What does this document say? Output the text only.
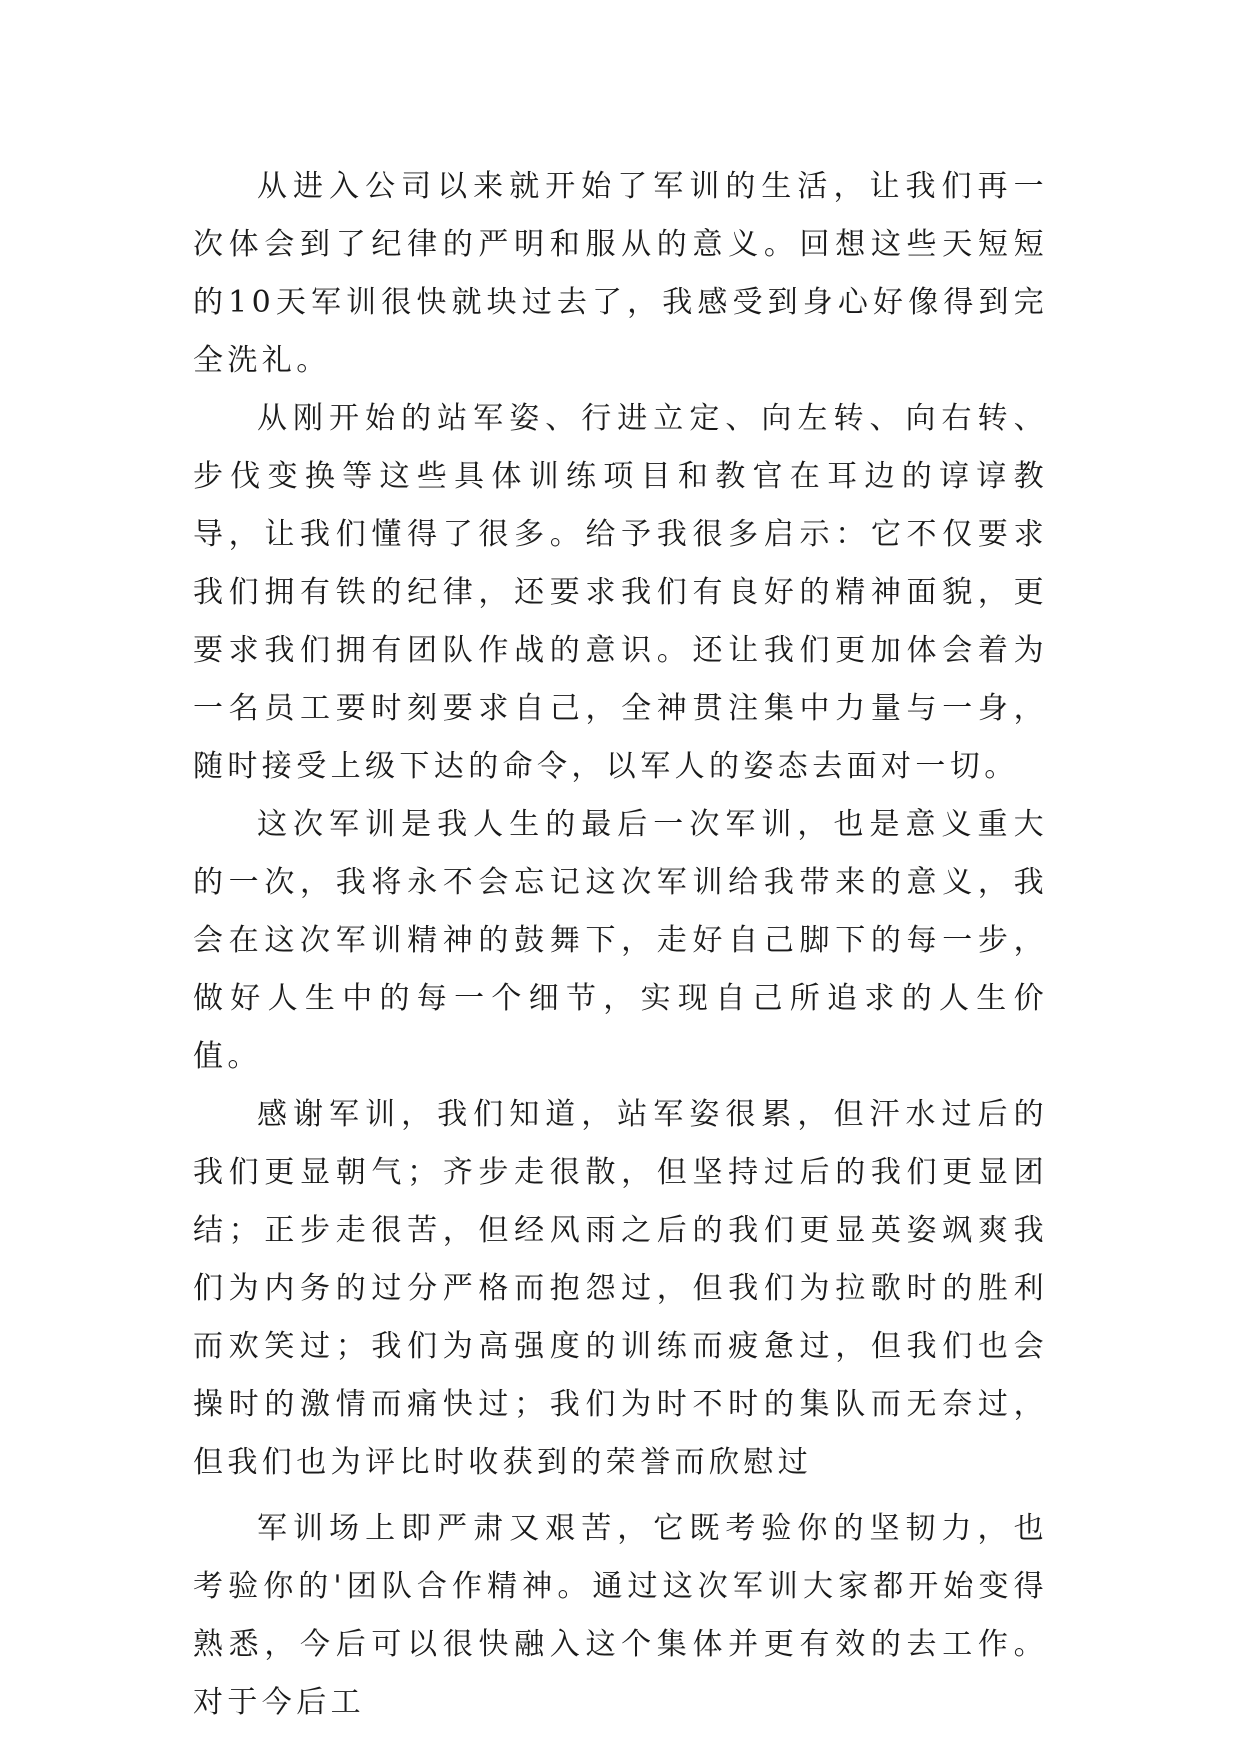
从进入公司以来就开始了军训的生活，让我们再一次体会到了纪律的严明和服从的意义。回想这些天短短的10天军训很快就块过去了，我感受到身心好像得到完全洗礼。

从刚开始的站军姿、行进立定、向左转、向右转、步伐变换等这些具体训练项目和教官在耳边的谆谆教导，让我们懂得了很多。给予我很多启示：它不仅要求我们拥有铁的纪律，还要求我们有良好的精神面貌，更要求我们拥有团队作战的意识。还让我们更加体会着为一名员工要时刻要求自己，全神贯注集中力量与一身，随时接受上级下达的命令，以军人的姿态去面对一切。

这次军训是我人生的最后一次军训，也是意义重大的一次，我将永不会忘记这次军训给我带来的意义，我会在这次军训精神的鼓舞下，走好自己脚下的每一步，做好人生中的每一个细节，实现自己所追求的人生价值。

感谢军训，我们知道，站军姿很累，但汗水过后的我们更显朝气；齐步走很散，但坚持过后的我们更显团结；正步走很苦，但经风雨之后的我们更显英姿飒爽我们为内务的过分严格而抱怨过，但我们为拉歌时的胜利而欢笑过；我们为高强度的训练而疲惫过，但我们也会操时的激情而痛快过；我们为时不时的集队而无奈过，但我们也为评比时收获到的荣誉而欣慰过

军训场上即严肃又艰苦，它既考验你的坚韧力，也考验你的'团队合作精神。通过这次军训大家都开始变得熟悉，今后可以很快融入这个集体并更有效的去工作。对于今后工
